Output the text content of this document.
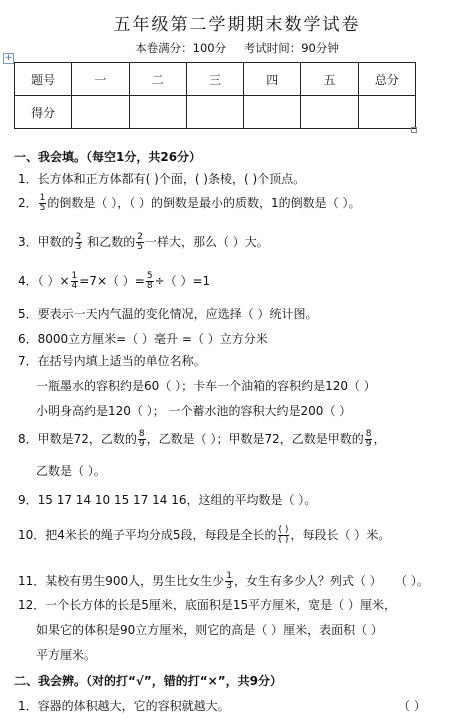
五年级第二学期期末数学试卷
本卷满分：100分 考试时间：90分钟
+
题号	一	二	三	四	五	总分
得分						
一、我会填。（每空1分，共26分）
1．长方体和正方体都有( )个面，( )条棱，( )个顶点。
2． $\frac{1}{5}$ 的倒数是（ ），（ ）的倒数是最小的质数，1的倒数是（ ）。
3．甲数的 $\frac{2}{3}$ 和乙数的 $\frac{2}{5}$ 一样大，那么（ ）大。
4．（ ）× $\frac{1}{4} =7\times$（ ）= $\frac{5}{8}$ ÷（ ）=1
5．要表示一天内气温的变化情况，应选择（ ）统计图。
6．8000立方厘米=（ ）毫升 =（ ）立方分米
7．在括号内填上适当的单位名称。
一瓶墨水的容积约是60（ ）；卡车一个油箱的容积约是120（ ）
小明身高约是120（ ）； 一个蓄水池的容积大约是200（ ）
8．甲数是72，乙数的 $\frac{8}{9}$ ，乙数是（ ）；甲数是72，乙数是甲数的 $\frac{8}{9}$ ，
乙数是（ ）。
9．15 17 14 10 15 17 14 16，这组的平均数是（ ）。
10．把4米长的绳子平均分成5段，每段是全长的 $\frac{( )}{( )}$ ，每段长（ ）米。
11．某校有男生900人，男生比女生少 $\frac{1}{3}$ ，女生有多少人？列式（ ）	（ ）。
12．一个长方体的长是5厘米，底面积是15平方厘米，宽是（ ）厘米，
如果它的体积是90立方厘米，则它的高是（ ）厘米，表面积（ ）
平方厘米。
二、我会辨。（对的打“√”，错的打“×”，共9分）
1．容器的体积越大，它的容积就越大。	（ ）
